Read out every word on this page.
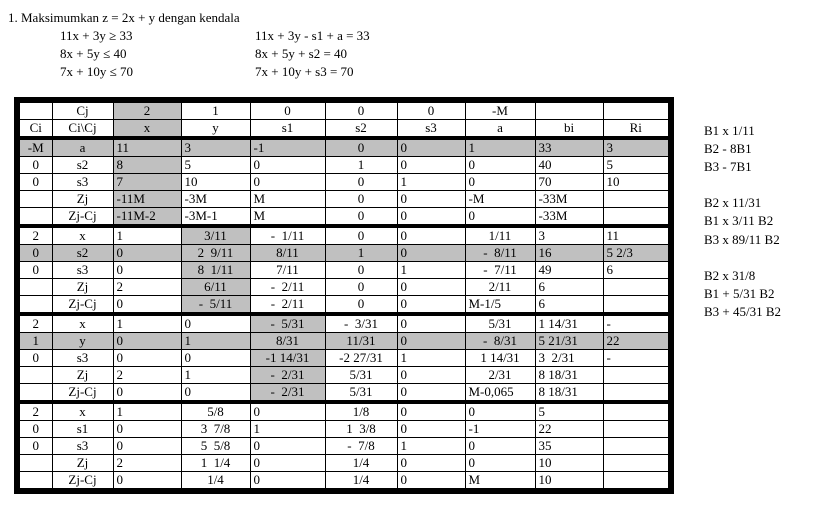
1. Maksimumkan z = 2x + y dengan kendala
11x + 3y ≥ 33
8x + 5y ≤ 40
7x + 10y ≤ 70
11x + 3y - s1 + a = 33
8x + 5y + s2 = 40
7x + 10y + s3 = 70
	Cj	2	1	0	0	0	-M		
Ci	Ci\Cj	x	y	s1	s2	s3	a	bi	Ri
-M	a	11	3	-1	0	0	1	33	3
0	s2	8	5	0	1	0	0	40	5
0	s3	7	10	0	0	1	0	70	10
	Zj	-11M	-3M	M	0	0	-M	-33M	
	Zj-Cj	-11M-2	-3M-1	M	0	0	0	-33M	
2	x	1	3/11	-  1/11	0	0	1/11	3	11
0	s2	0	2  9/11	8/11	1	0	-  8/11	16	5 2/3
0	s3	0	8  1/11	7/11	0	1	-  7/11	49	6
	Zj	2	6/11	-  2/11	0	0	2/11	6	
	Zj-Cj	0	-  5/11	-  2/11	0	0	M-1/5	6	
2	x	1	0	-  5/31	-  3/31	0	5/31	1 14/31	-
1	y	0	1	8/31	11/31	0	-  8/31	5 21/31	22
0	s3	0	0	-1 14/31	-2 27/31	1	1 14/31	3  2/31	-
	Zj	2	1	-  2/31	5/31	0	2/31	8 18/31	
	Zj-Cj	0	0	-  2/31	5/31	0	M-0,065	8 18/31	
2	x	1	5/8	0	1/8	0	0	5	
0	s1	0	3  7/8	1	1  3/8	0	-1	22	
0	s3	0	5  5/8	0	-  7/8	1	0	35	
	Zj	2	1  1/4	0	1/4	0	0	10	
	Zj-Cj	0	1/4	0	1/4	0	M	10	
B1 x 1/11
B2 - 8B1
B3 - 7B1
B2 x 11/31
B1 x 3/11 B2
B3 x 89/11 B2
B2 x 31/8
B1 + 5/31 B2
B3 + 45/31 B2
